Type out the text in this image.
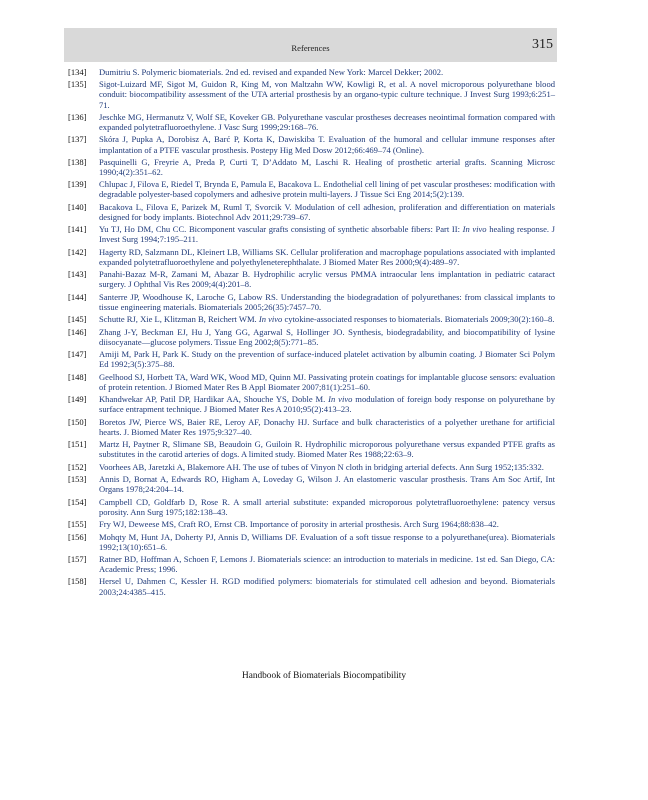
References	315
[134] Dumitriu S. Polymeric biomaterials. 2nd ed. revised and expanded New York: Marcel Dekker; 2002.
[135] Sigot-Luizard MF, Sigot M, Guidon R, King M, von Maltzahn WW, Kowligi R, et al. A novel microporous polyurethane blood conduit: biocompatibility assessment of the UTA arterial prosthesis by an organo-typic culture technique. J Invest Surg 1993;6:251–71.
[136] Jeschke MG, Hermanutz V, Wolf SE, Koveker GB. Polyurethane vascular prostheses decreases neointimal formation compared with expanded polytetrafluoroethylene. J Vasc Surg 1999;29:168–76.
[137] Skóra J, Pupka A, Dorobisz A, Barć P, Korta K, Dawiskiba T. Evaluation of the humoral and cellular immune responses after implantation of a PTFE vascular prosthesis. Postepy Hig Med Dosw 2012;66:469–74 (Online).
[138] Pasquinelli G, Freyrie A, Preda P, Curti T, D’Addato M, Laschi R. Healing of prosthetic arterial grafts. Scanning Microsc 1990;4(2):351–62.
[139] Chlupac J, Filova E, Riedel T, Brynda E, Pamula E, Bacakova L. Endothelial cell lining of pet vascular prostheses: modification with degradable polyester-based copolymers and adhesive protein multi-layers. J Tissue Sci Eng 2014;5(2):139.
[140] Bacakova L, Filova E, Parizek M, Ruml T, Svorcik V. Modulation of cell adhesion, proliferation and differentiation on materials designed for body implants. Biotechnol Adv 2011;29:739–67.
[141] Yu TJ, Ho DM, Chu CC. Bicomponent vascular grafts consisting of synthetic absorbable fibers: Part II: In vivo healing response. J Invest Surg 1994;7:195–211.
[142] Hagerty RD, Salzmann DL, Kleinert LB, Williams SK. Cellular proliferation and macrophage populations associated with implanted expanded polytetrafluoroethylene and polyethyleneterephthalate. J Biomed Mater Res 2000;9(4):489–97.
[143] Panahi-Bazaz M-R, Zamani M, Abazar B. Hydrophilic acrylic versus PMMA intraocular lens implantation in pediatric cataract surgery. J Ophthal Vis Res 2009;4(4):201–8.
[144] Santerre JP, Woodhouse K, Laroche G, Labow RS. Understanding the biodegradation of polyurethanes: from classical implants to tissue engineering materials. Biomaterials 2005;26(35):7457–70.
[145] Schutte RJ, Xie L, Klitzman B, Reichert WM. In vivo cytokine-associated responses to biomaterials. Biomaterials 2009;30(2):160–8.
[146] Zhang J-Y, Beckman EJ, Hu J, Yang GG, Agarwal S, Hollinger JO. Synthesis, biodegradability, and biocompatibility of lysine diisocyanate—glucose polymers. Tissue Eng 2002;8(5):771–85.
[147] Amiji M, Park H, Park K. Study on the prevention of surface-induced platelet activation by albumin coating. J Biomater Sci Polym Ed 1992;3(5):375–88.
[148] Geelhood SJ, Horbett TA, Ward WK, Wood MD, Quinn MJ. Passivating protein coatings for implantable glucose sensors: evaluation of protein retention. J Biomed Mater Res B Appl Biomater 2007;81(1):251–60.
[149] Khandwekar AP, Patil DP, Hardikar AA, Shouche YS, Doble M. In vivo modulation of foreign body response on polyurethane by surface entrapment technique. J Biomed Mater Res A 2010;95(2):413–23.
[150] Boretos JW, Pierce WS, Baier RE, Leroy AF, Donachy HJ. Surface and bulk characteristics of a polyether urethane for artificial hearts. J. Biomed Mater Res 1975;9:327–40.
[151] Martz H, Paytner R, Slimane SB, Beaudoin G, Guiloin R. Hydrophilic microporous polyurethane versus expanded PTFE grafts as substitutes in the carotid arteries of dogs. A limited study. Biomed Mater Res 1988;22:63–9.
[152] Voorhees AB, Jaretzki A, Blakemore AH. The use of tubes of Vinyon N cloth in bridging arterial defects. Ann Surg 1952;135:332.
[153] Annis D, Bornat A, Edwards RO, Higham A, Loveday G, Wilson J. An elastomeric vascular prosthesis. Trans Am Soc Artif, Int Organs 1978;24:204–14.
[154] Campbell CD, Goldfarb D, Rose R. A small arterial substitute: expanded microporous polytetrafluoroethylene: patency versus porosity. Ann Surg 1975;182:138–43.
[155] Fry WJ, Deweese MS, Craft RO, Ernst CB. Importance of porosity in arterial prosthesis. Arch Surg 1964;88:838–42.
[156] Mohqty M, Hunt JA, Doherty PJ, Annis D, Williams DF. Evaluation of a soft tissue response to a polyurethane(urea). Biomaterials 1992;13(10):651–6.
[157] Ratner BD, Hoffman A, Schoen F, Lemons J. Biomaterials science: an introduction to materials in medicine. 1st ed. San Diego, CA: Academic Press; 1996.
[158] Hersel U, Dahmen C, Kessler H. RGD modified polymers: biomaterials for stimulated cell adhesion and beyond. Biomaterials 2003;24:4385–415.
Handbook of Biomaterials Biocompatibility
